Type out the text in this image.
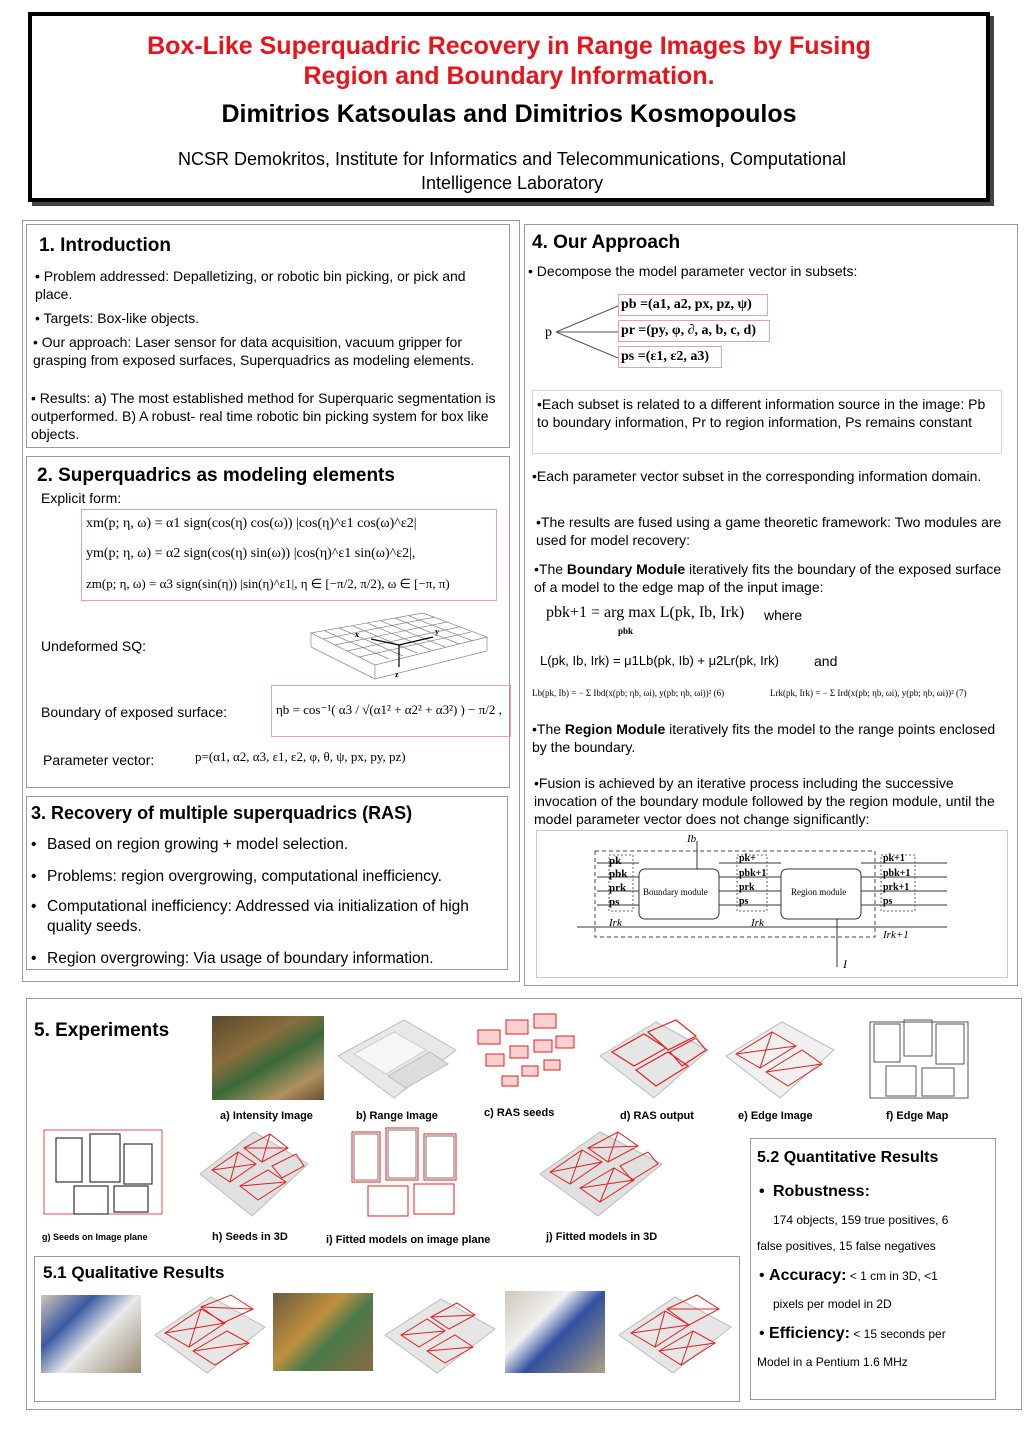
Box-Like Superquadric Recovery in Range Images by Fusing
Region and Boundary Information.
Dimitrios Katsoulas and Dimitrios Kosmopoulos
NCSR Demokritos, Institute for Informatics and Telecommunications, Computational
Intelligence Laboratory
1. Introduction
• Problem addressed: Depalletizing, or robotic bin picking, or pick and place.
• Targets: Box-like objects.
• Our approach: Laser sensor for data acquisition, vacuum gripper for grasping from exposed surfaces, Superquadrics as modeling elements.
• Results: a) The most established method for Superquaric segmentation is outperformed. B) A robust- real time robotic bin picking system for box like objects.
2. Superquadrics as modeling elements
Explicit form:
xm(p; η, ω) = α1 sign(cos(η) cos(ω)) |cos(η)^ε1 cos(ω)^ε2|
ym(p; η, ω) = α2 sign(cos(η) sin(ω)) |cos(η)^ε1 sin(ω)^ε2|,
zm(p; η, ω) = α3 sign(sin(η)) |sin(η)^ε1|, η ∈ [−π/2, π/2), ω ∈ [−π, π)
Undeformed SQ:
x	y
z
Boundary of exposed surface:	ηb = cos⁻¹( α3 / √(α1² + α2² + α3²) ) − π/2 ,
Parameter vector:	p=(α1, α2, α3, ε1, ε2, φ, θ, ψ, px, py, pz)
3. Recovery of multiple superquadrics (RAS)
• Based on region growing + model selection.
• Problems: region overgrowing, computational inefficiency.
• Computational inefficiency: Addressed via initialization of high quality seeds.
• Region overgrowing: Via usage of boundary information.
4. Our Approach
• Decompose the model parameter vector in subsets:
p
pb =(a1, a2, px, pz, ψ)
pr =(py, φ, ∂, a, b, c, d)
ps =(ε1, ε2, a3)
•Each subset is related to a different information source in the image: Pb to boundary information, Pr to region information, Ps remains constant
•Each parameter vector subset in the corresponding information domain.
•The results are fused using a game theoretic framework: Two modules are used for model recovery:
•The Boundary Module iteratively fits the boundary of the exposed surface of a model to the edge map of the input image:
pbk+1 = arg max L(pk, Ib, Irk)
pbk
where
L(pk, Ib, Irk) = μ1Lb(pk, Ib) + μ2Lr(pk, Irk)	and
Lb(pk, Ib) = − Σ Ibd(x(pb; ηb, ωi), y(pb; ηb, ωi))² (6)	Lrk(pk, Irk) = − Σ Ird(x(pb; ηb, ωi), y(pb; ηb, ωi))² (7)
•The Region Module iteratively fits the model to the range points enclosed by the boundary.
•Fusion is achieved by an iterative process including the successive invocation of the boundary module followed by the region module, until the model parameter vector does not change significantly:
Ib
I
pk
pbk
prk
ps
Irk
pk+
pbk+1
prk
ps
Irk
pk+1
pbk+1
prk+1
ps
Irk+1
Boundary module	Region module
5. Experiments
a) Intensity Image	b) Range Image	c) RAS seeds	d) RAS output	e) Edge Image	f) Edge Map
g) Seeds on Image plane	h) Seeds in 3D	i) Fitted models on image plane	j) Fitted models in 3D
5.1 Qualitative Results
5.2 Quantitative Results
• Robustness:
174 objects, 159 true positives, 6
false positives, 15 false negatives
• Accuracy: < 1 cm in 3D, <1
pixels per model in 2D
• Efficiency: < 15 seconds per
Model in a Pentium 1.6 MHz
